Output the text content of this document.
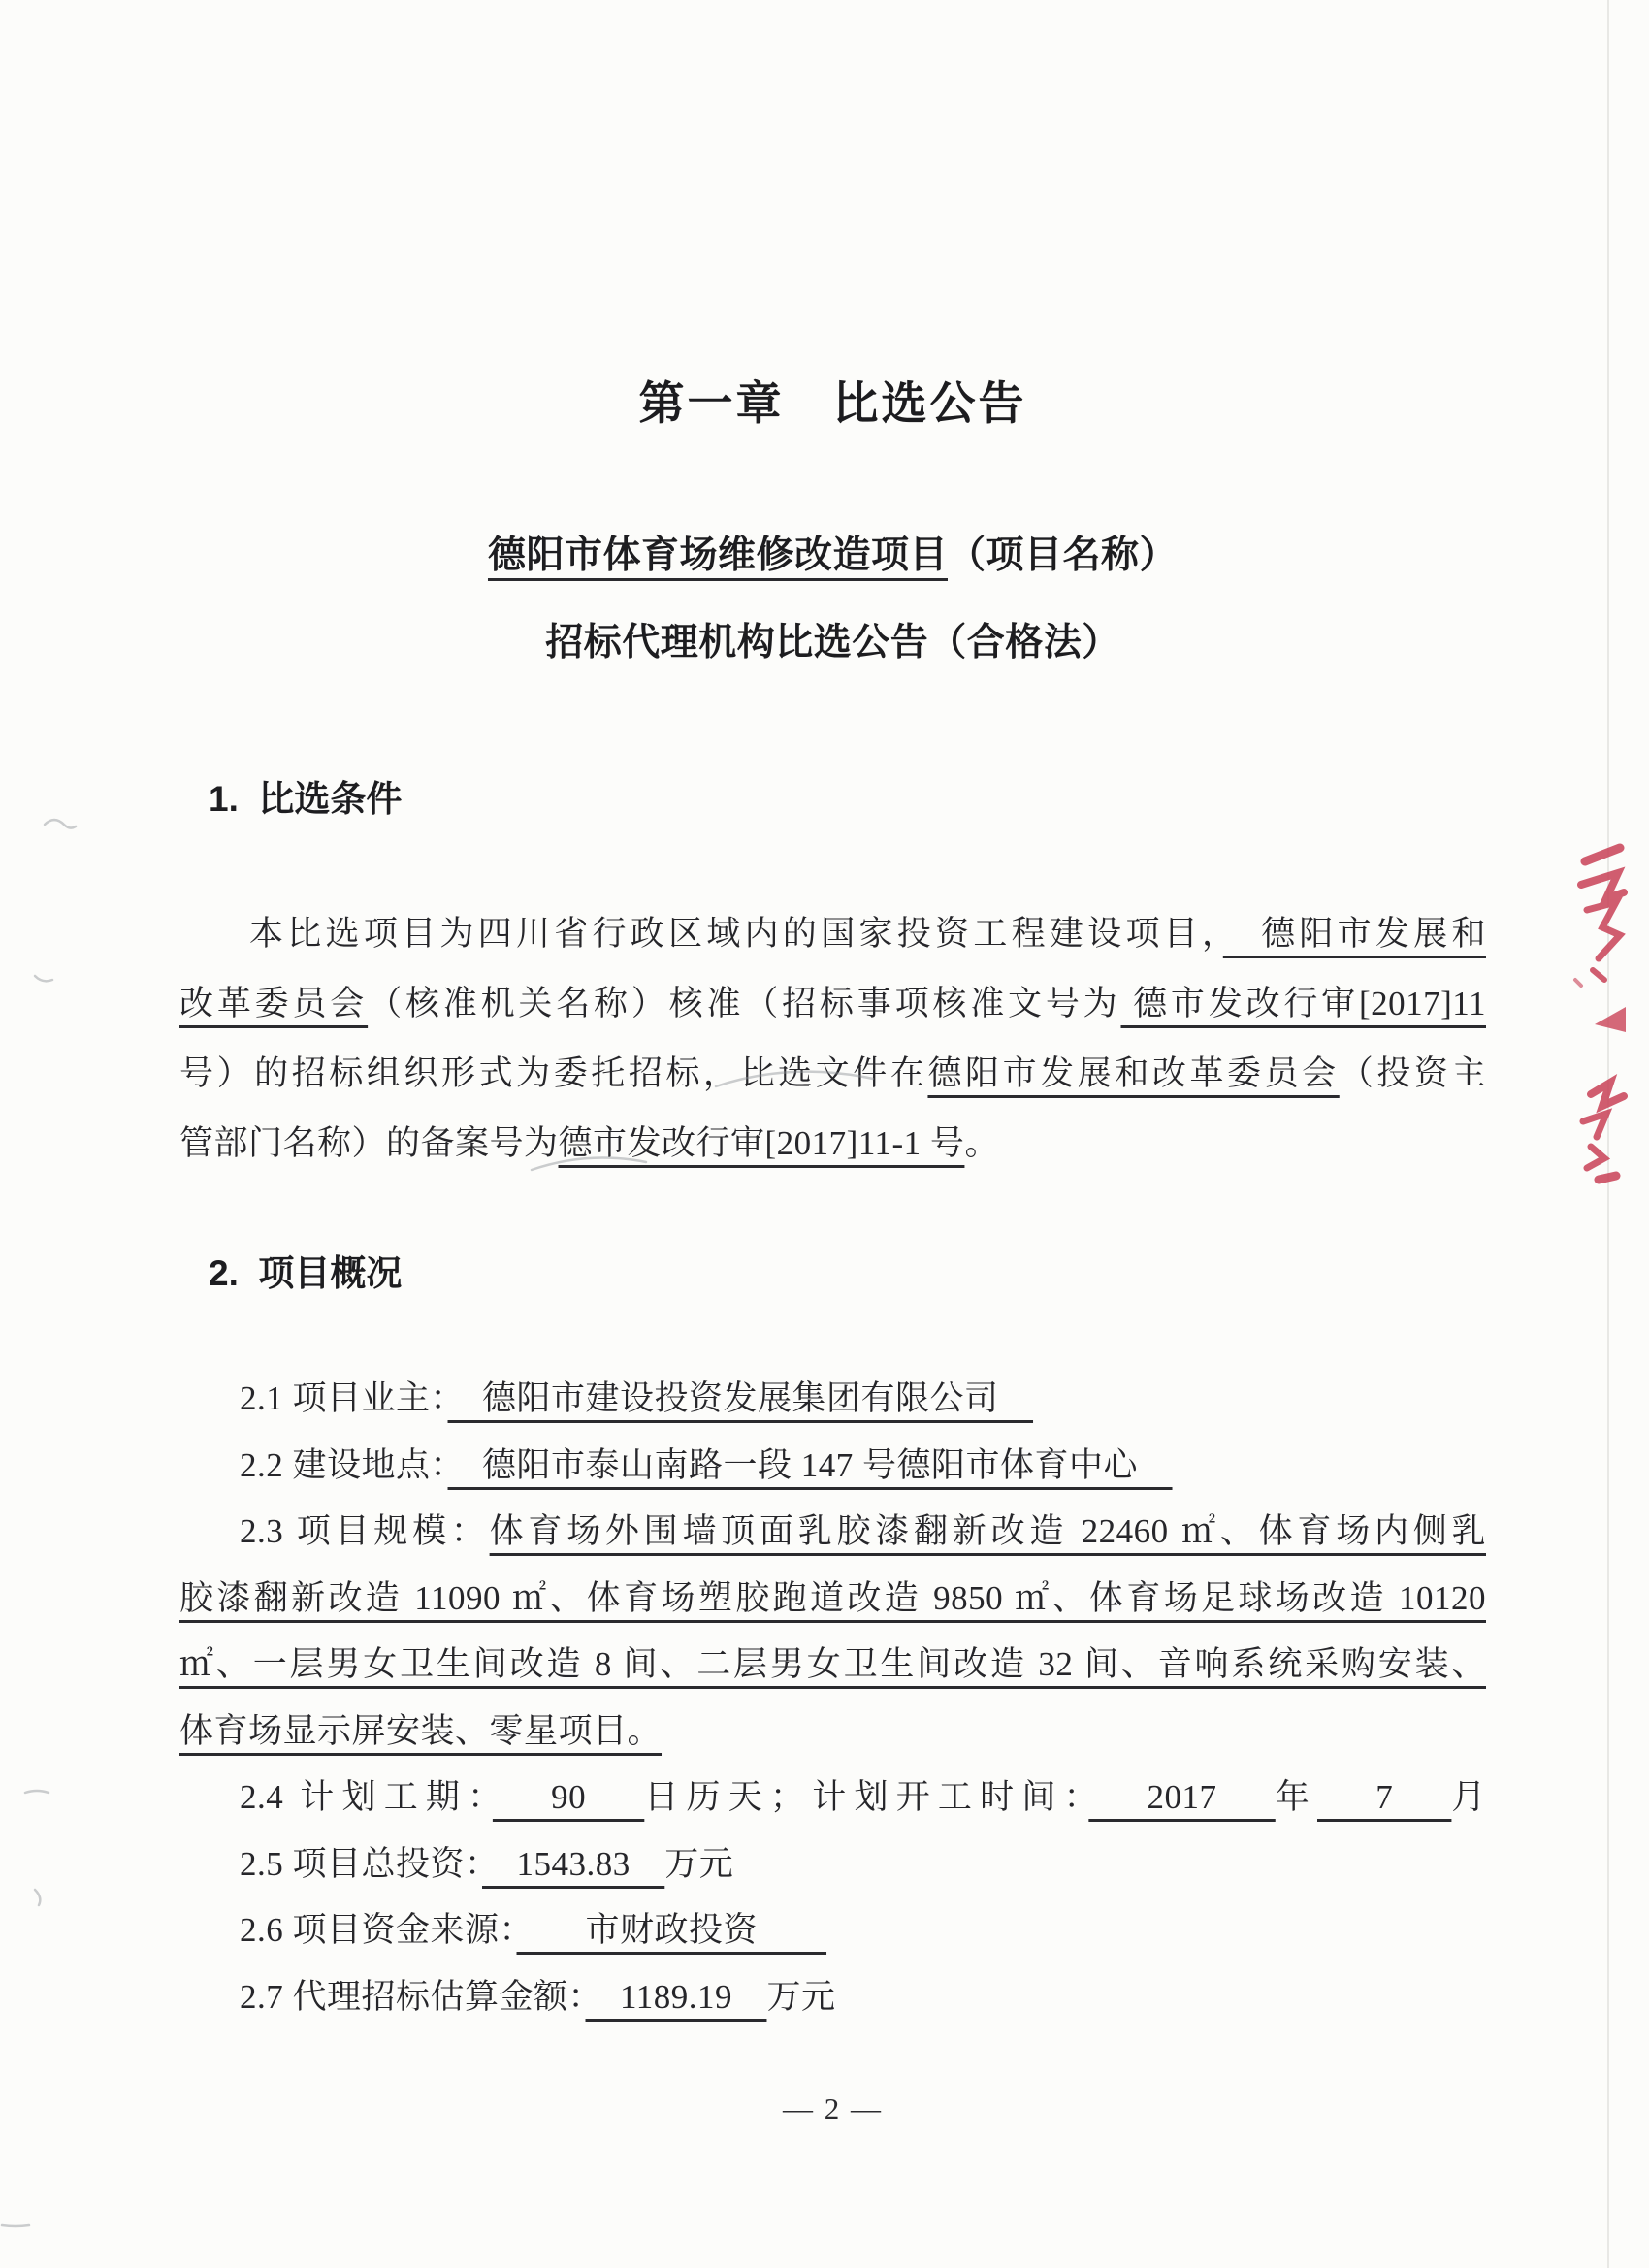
第一章　比选公告
德阳市体育场维修改造项目（项目名称）
招标代理机构比选公告（合格法）
1.  比选条件
本比选项目为四川省行政区域内的国家投资工程建设项目，　德阳市发展和
改革委员会（核准机关名称）核准（招标事项核准文号为 德市发改行审[2017]11
号）的招标组织形式为委托招标，比选文件在德阳市发展和改革委员会（投资主
管部门名称）的备案号为德市发改行审[2017]11-1 号。
2.  项目概况
2.1 项目业主：　德阳市建设投资发展集团有限公司　
2.2 建设地点：　德阳市泰山南路一段 147 号德阳市体育中心　
2.3 项目规模：体育场外围墙顶面乳胶漆翻新改造 22460 ㎡、体育场内侧乳
胶漆翻新改造 11090 ㎡、体育场塑胶跑道改造 9850 ㎡、体育场足球场改造 10120
㎡、一层男女卫生间改造 8 间、二层男女卫生间改造 32 间、音响系统采购安装、
体育场显示屏安装、零星项目。
2.4 计划工期：　 90 　日历天；计划开工时间：　 2017 　年　 7 　月
2.5 项目总投资：　1543.83　万元
2.6 项目资金来源：　　市财政投资　　
2.7 代理招标估算金额：　1189.19　万元
— 2 —
